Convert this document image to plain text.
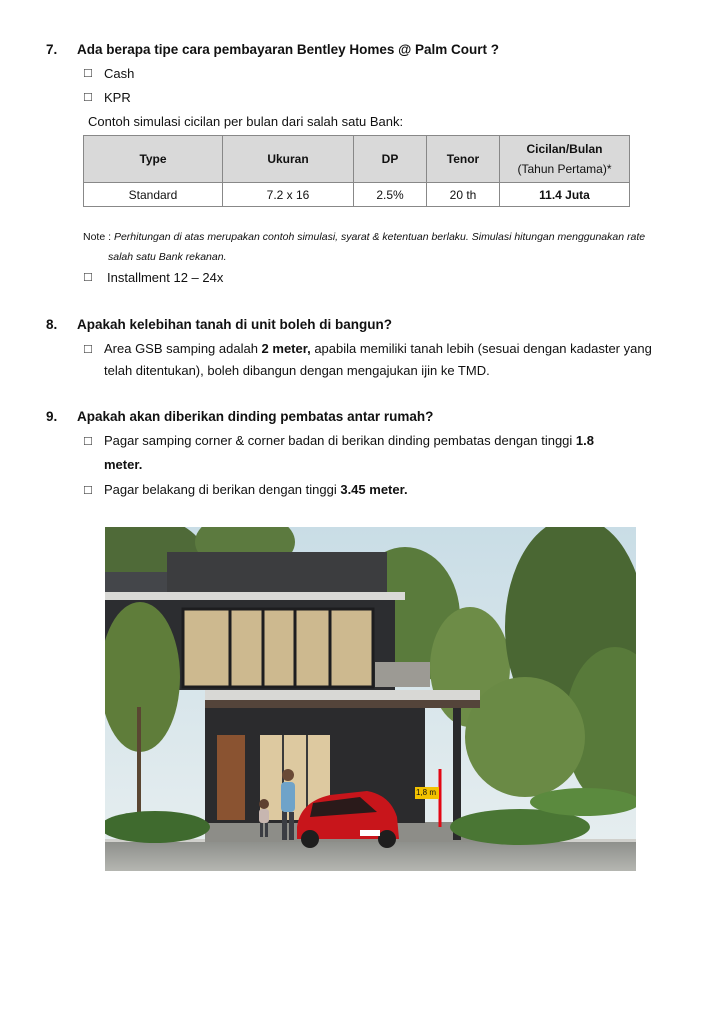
7. Ada berapa tipe cara pembayaran Bentley Homes @ Palm Court ?
☐ Cash
☐ KPR
Contoh simulasi cicilan per bulan dari salah satu Bank:
Type	Ukuran	DP	Tenor	Cicilan/Bulan
(Tahun Pertama)*

Standard	7.2 x 16	2.5%	20 th	11.4 Juta
Note : Perhitungan di atas merupakan contoh simulasi, syarat & ketentuan berlaku. Simulasi hitungan menggunakan rate
salah satu Bank rekanan.
☐ Installment 12 – 24x
8. Apakah kelebihan tanah di unit boleh di bangun?
☐ Area GSB samping adalah 2 meter, apabila memiliki tanah lebih (sesuai dengan kadaster yang
telah ditentukan), boleh dibangun dengan mengajukan ijin ke TMD.
9. Apakah akan diberikan dinding pembatas antar rumah?
☐ Pagar samping corner & corner badan di berikan dinding pembatas dengan tinggi 1.8
meter.
☐ Pagar belakang di berikan dengan tinggi 3.45 meter.
1,8 m
